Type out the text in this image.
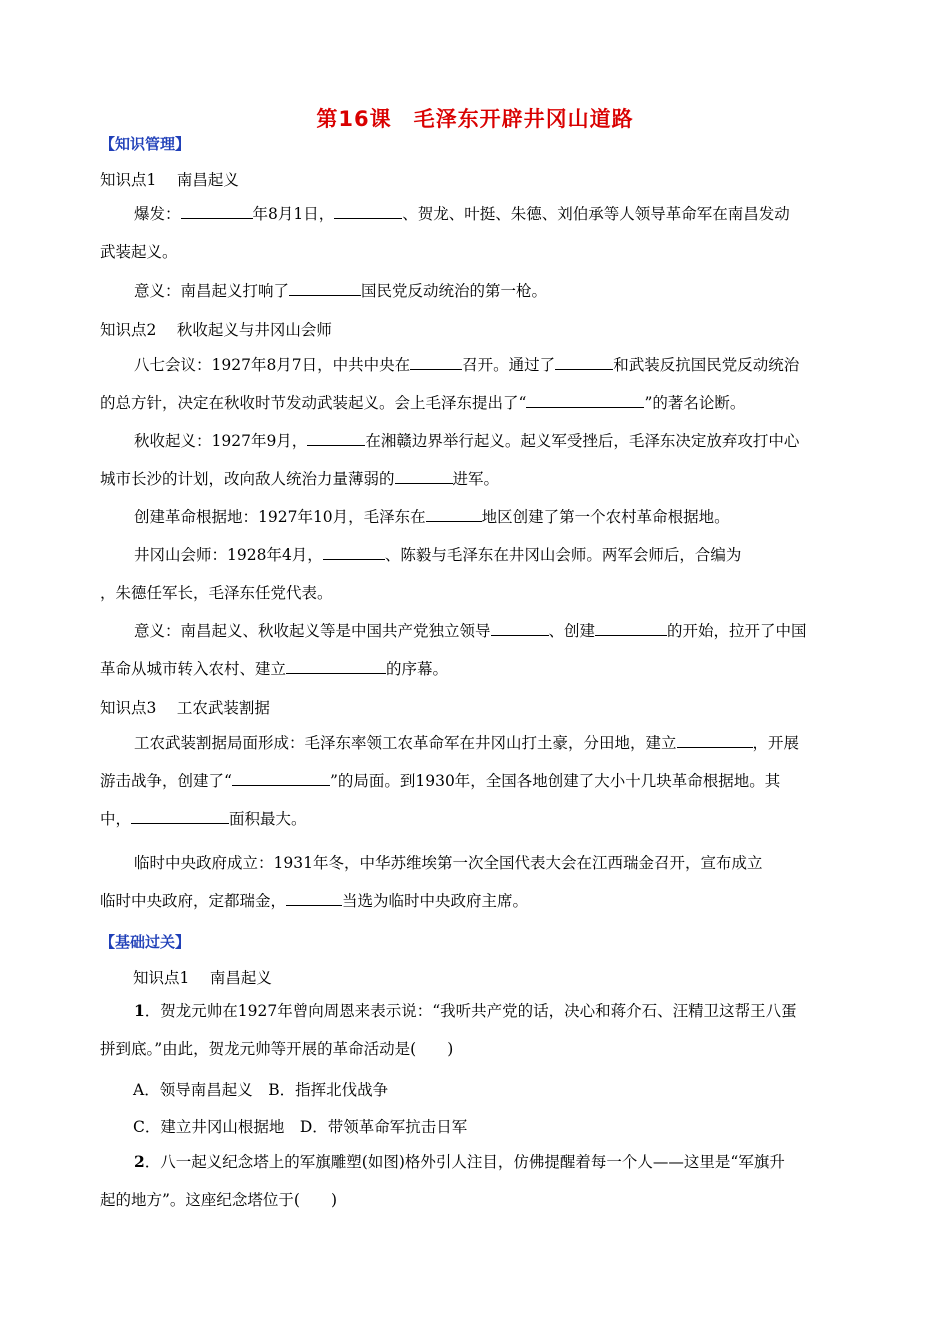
第16课　毛泽东开辟井冈山道路
【知识管理】
知识点1　 南昌起义

爆发：	年8月1日，	、贺龙、叶挺、朱德、刘伯承等人领导革命军在南昌发动
武装起义。

意义：南昌起义打响了	国民党反动统治的第一枪。

知识点2　 秋收起义与井冈山会师

八七会议：1927年8月7日，中共中央在	召开。通过了	和武装反抗国民党反动统治
的总方针，决定在秋收时节发动武装起义。会上毛泽东提出了“	”的著名论断。

秋收起义：1927年9月，	在湘赣边界举行起义。起义军受挫后，毛泽东决定放弃攻打中心
城市长沙的计划，改向敌人统治力量薄弱的	进军。

创建革命根据地：1927年10月，毛泽东在	地区创建了第一个农村革命根据地。

井冈山会师：1928年4月，	、陈毅与毛泽东在井冈山会师。两军会师后，合编为
，朱德任军长，毛泽东任党代表。

意义：南昌起义、秋收起义等是中国共产党独立领导	、创建	的开始，拉开了中国
革命从城市转入农村、建立	的序幕。

知识点3　 工农武装割据

工农武装割据局面形成：毛泽东率领工农革命军在井冈山打土豪，分田地，建立	，开展
游击战争，创建了“	”的局面。到1930年，全国各地创建了大小十几块革命根据地。其
中，	面积最大。

临时中央政府成立：1931年冬，中华苏维埃第一次全国代表大会在江西瑞金召开，宣布成立
临时中央政府，定都瑞金，	当选为临时中央政府主席。

【基础过关】
知识点1　 南昌起义

1．贺龙元帅在1927年曾向周恩来表示说：“我听共产党的话，决心和蒋介石、汪精卫这帮王八蛋
拼到底。”由此，贺龙元帅等开展的革命活动是(　　)

A．领导南昌起义　B．指挥北伐战争
C．建立井冈山根据地　D．带领革命军抗击日军

2．八一起义纪念塔上的军旗雕塑(如图)格外引人注目，仿佛提醒着每一个人——这里是“军旗升
起的地方”。这座纪念塔位于(　　)
